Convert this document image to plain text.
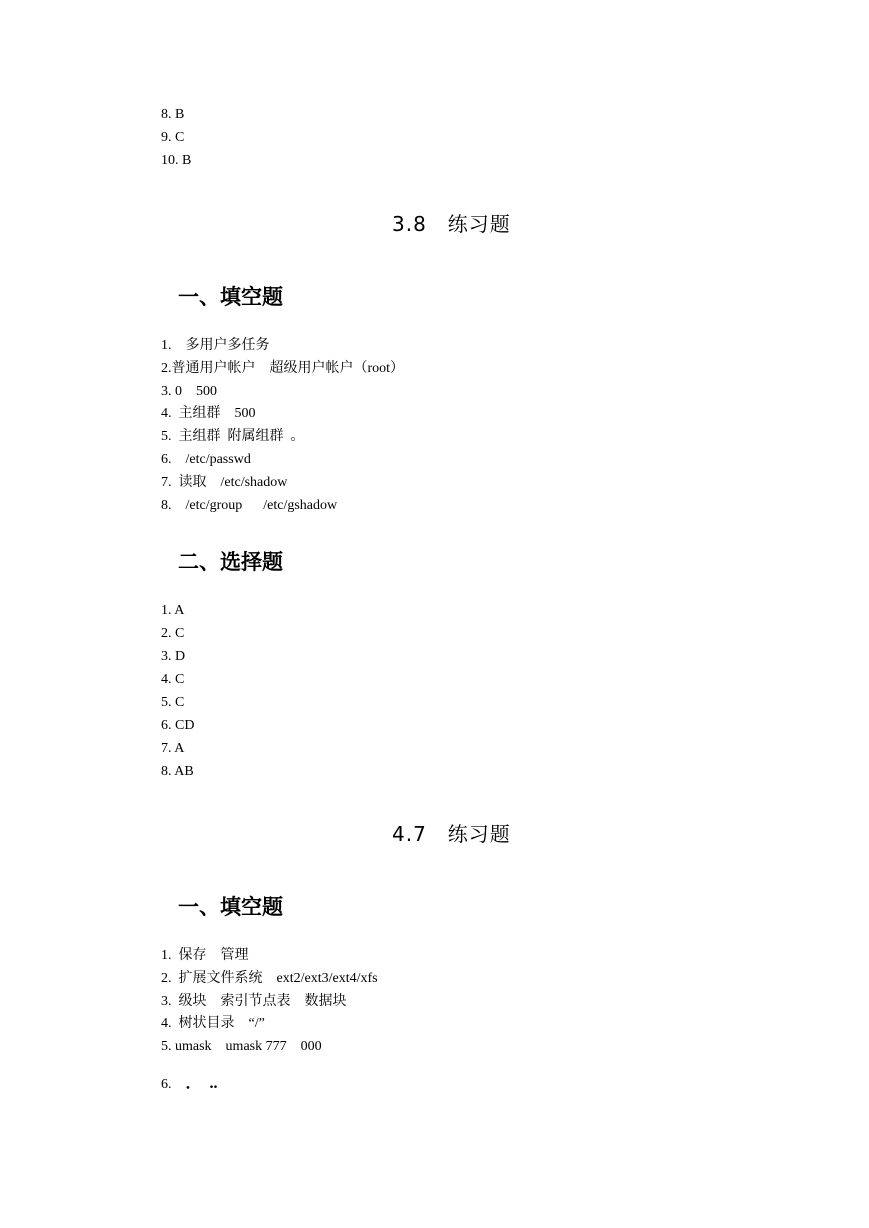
8. B
9. C
10. B
3.8　练习题
一、填空题
1.　多用户多任务
2.普通用户帐户　超级用户帐户（root）
3. 0　500
4.  主组群　500
5.  主组群  附属组群  。
6.　/etc/passwd
7.  读取　/etc/shadow
8.　/etc/group　  /etc/gshadow
二、选择题
1. A
2. C
3. D
4. C
5. C
6. CD
7. A
8. AB
4.7　练习题
一、填空题
1.  保存　管理
2.  扩展文件系统　ext2/ext3/ext4/xfs
3.  级块　索引节点表　数据块
4.  树状目录　“/”
5. umask　umask 777　000
6.　 ．  ..
